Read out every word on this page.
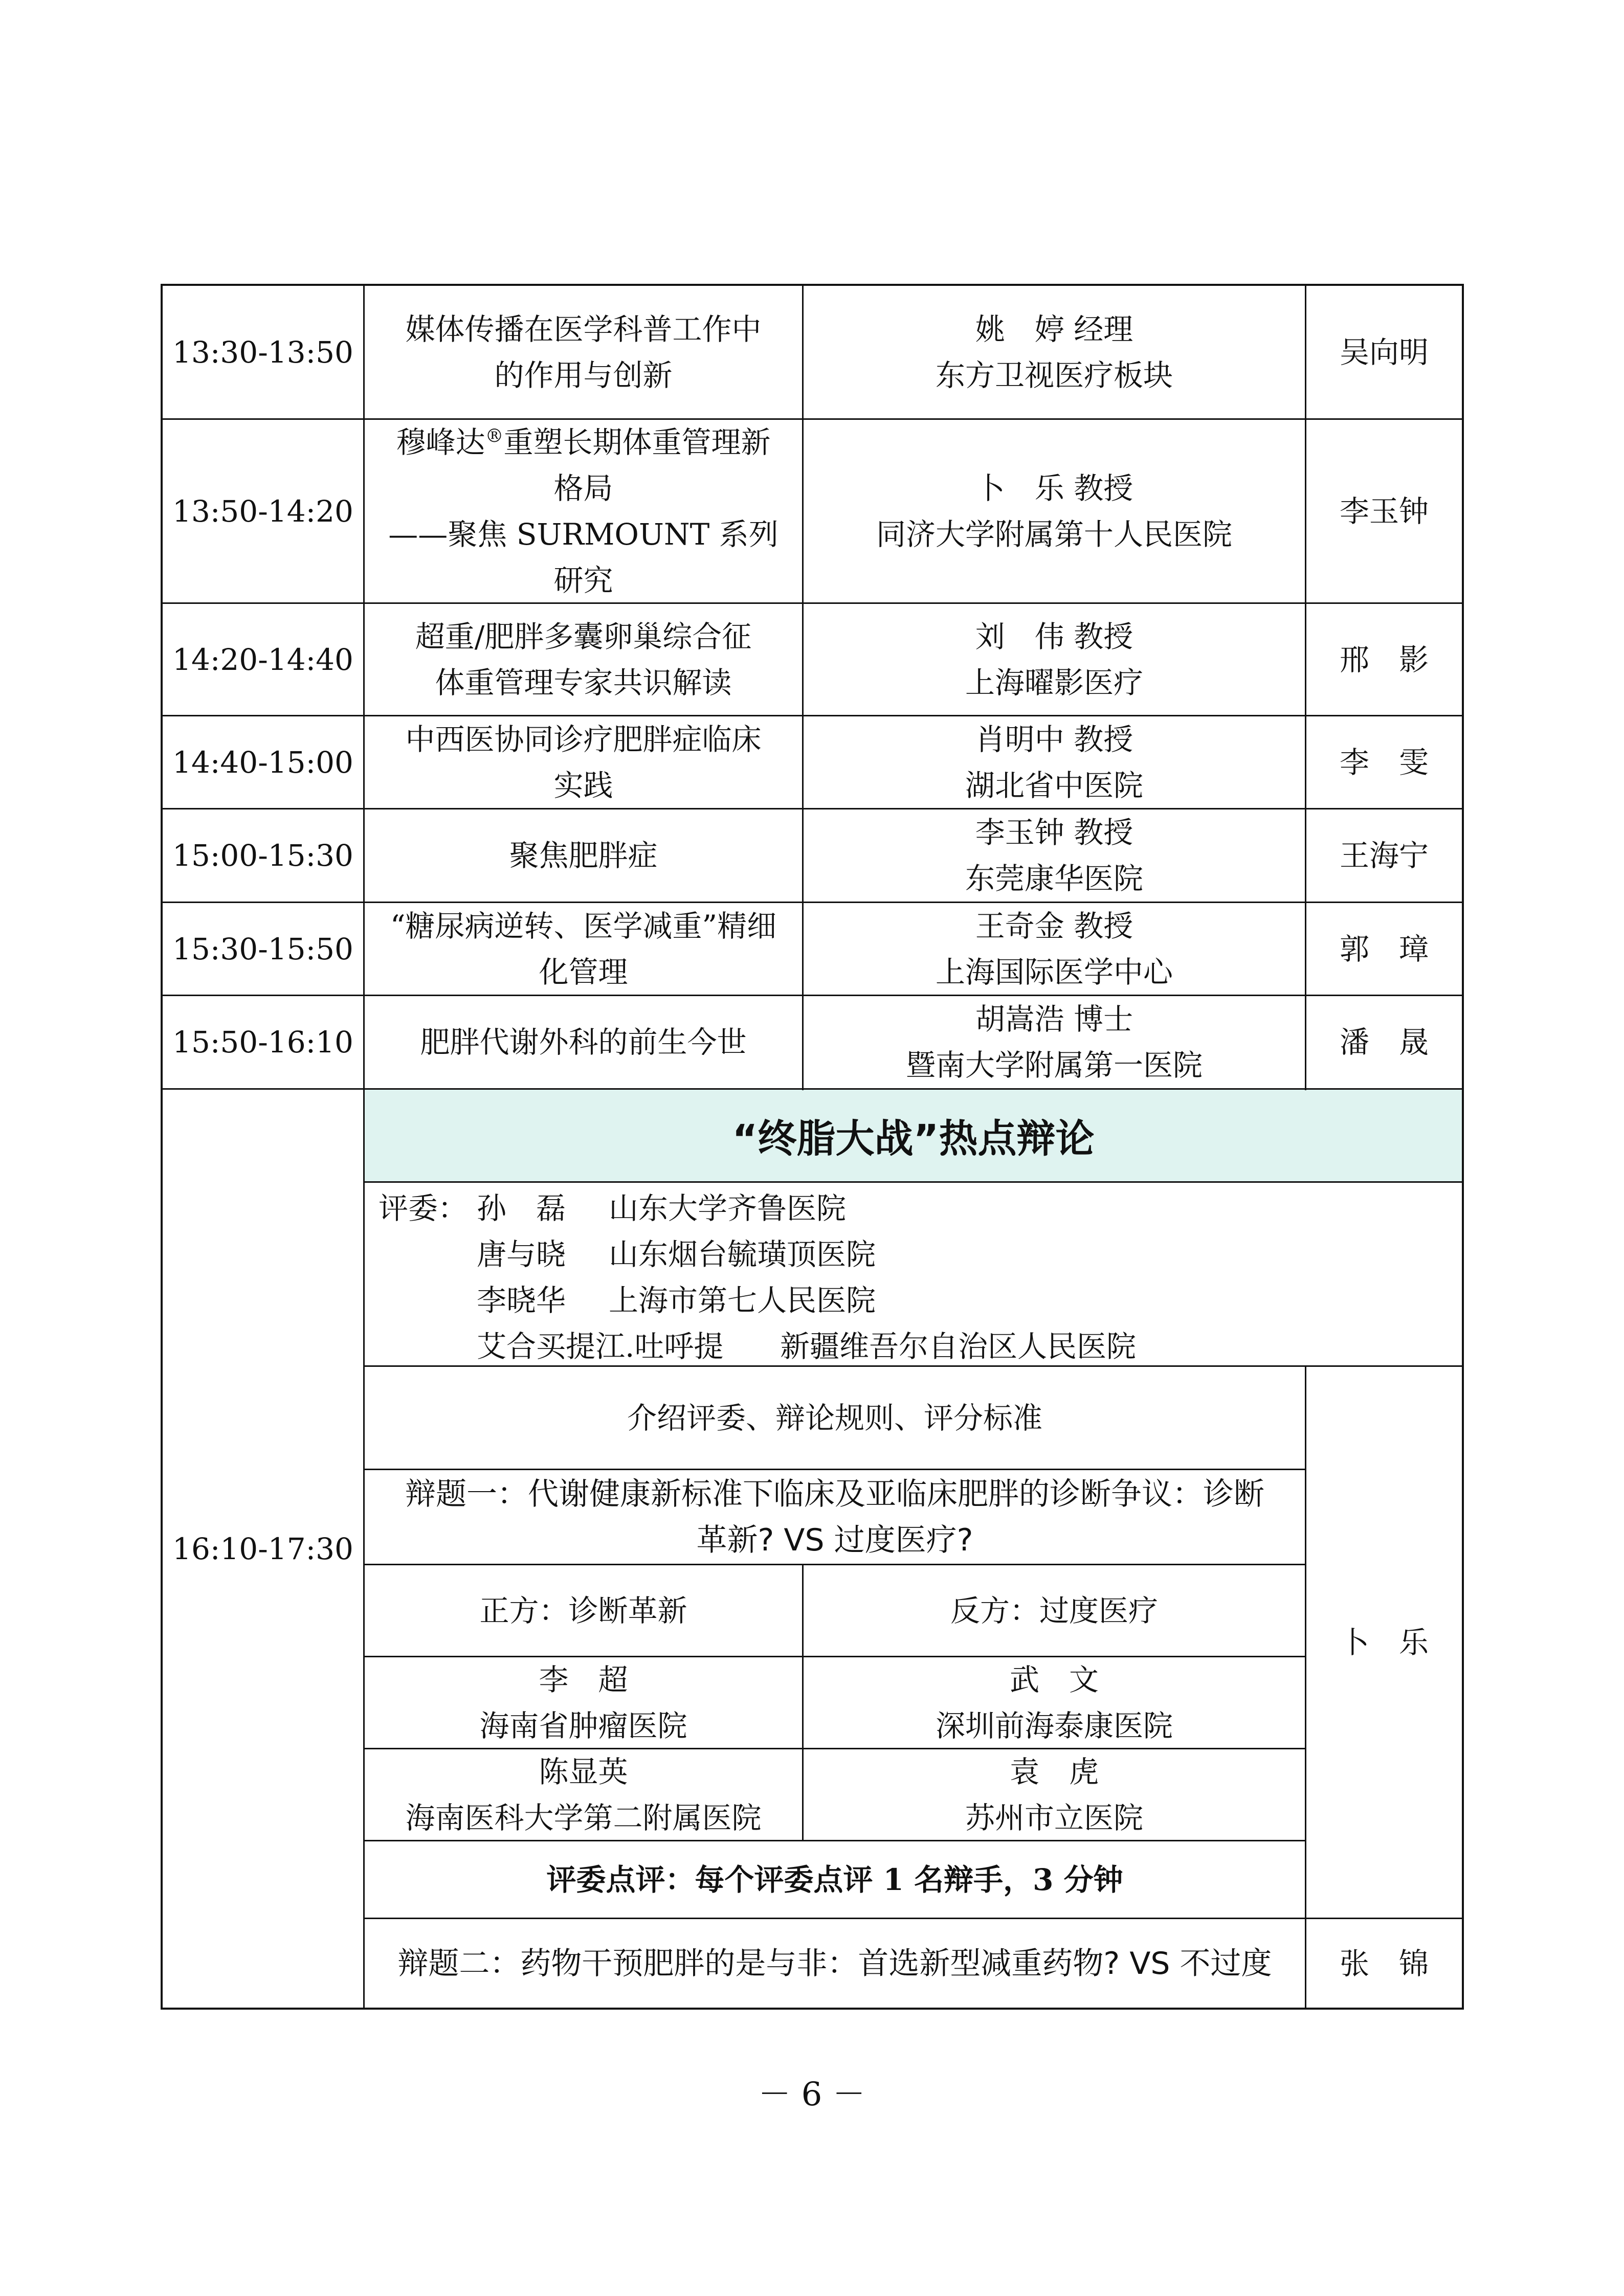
13:30-13:50
媒体传播在医学科普工作中
的作用与创新
姚　婷 经理
东方卫视医疗板块
吴向明
13:50-14:20
穆峰达®重塑长期体重管理新
格局
——聚焦 SURMOUNT 系列
研究
卜　乐 教授
同济大学附属第十人民医院
李玉钟
14:20-14:40
超重/肥胖多囊卵巢综合征
体重管理专家共识解读
刘　伟 教授
上海曜影医疗
邢　影
14:40-15:00
中西医协同诊疗肥胖症临床
实践
肖明中 教授
湖北省中医院
李　雯
15:00-15:30	聚焦肥胖症
李玉钟 教授
东莞康华医院
王海宁
15:30-15:50
“糖尿病逆转、医学减重”精细
化管理
王奇金 教授
上海国际医学中心
郭　璋
15:50-16:10 肥胖代谢外科的前生今世
胡嵩浩 博士
暨南大学附属第一医院
潘　晟
16:10-17:30
“终脂大战”热点辩论
评委： 孙　磊 山东大学齐鲁医院
唐与晓 山东烟台毓璜顶医院
李晓华 上海市第七人民医院
艾合买提江.吐呼提 新疆维吾尔自治区人民医院
介绍评委、辩论规则、评分标准
辩题一：代谢健康新标准下临床及亚临床肥胖的诊断争议：诊断
革新? VS 过度医疗?
正方：诊断革新	反方：过度医疗
李　超
海南省肿瘤医院
武　文
深圳前海泰康医院
陈显英
海南医科大学第二附属医院
袁　虎
苏州市立医院
评委点评：每个评委点评 1 名辩手，3 分钟
卜　乐
辩题二：药物干预肥胖的是与非：首选新型减重药物? VS 不过度 张　锦
－ 6 －
